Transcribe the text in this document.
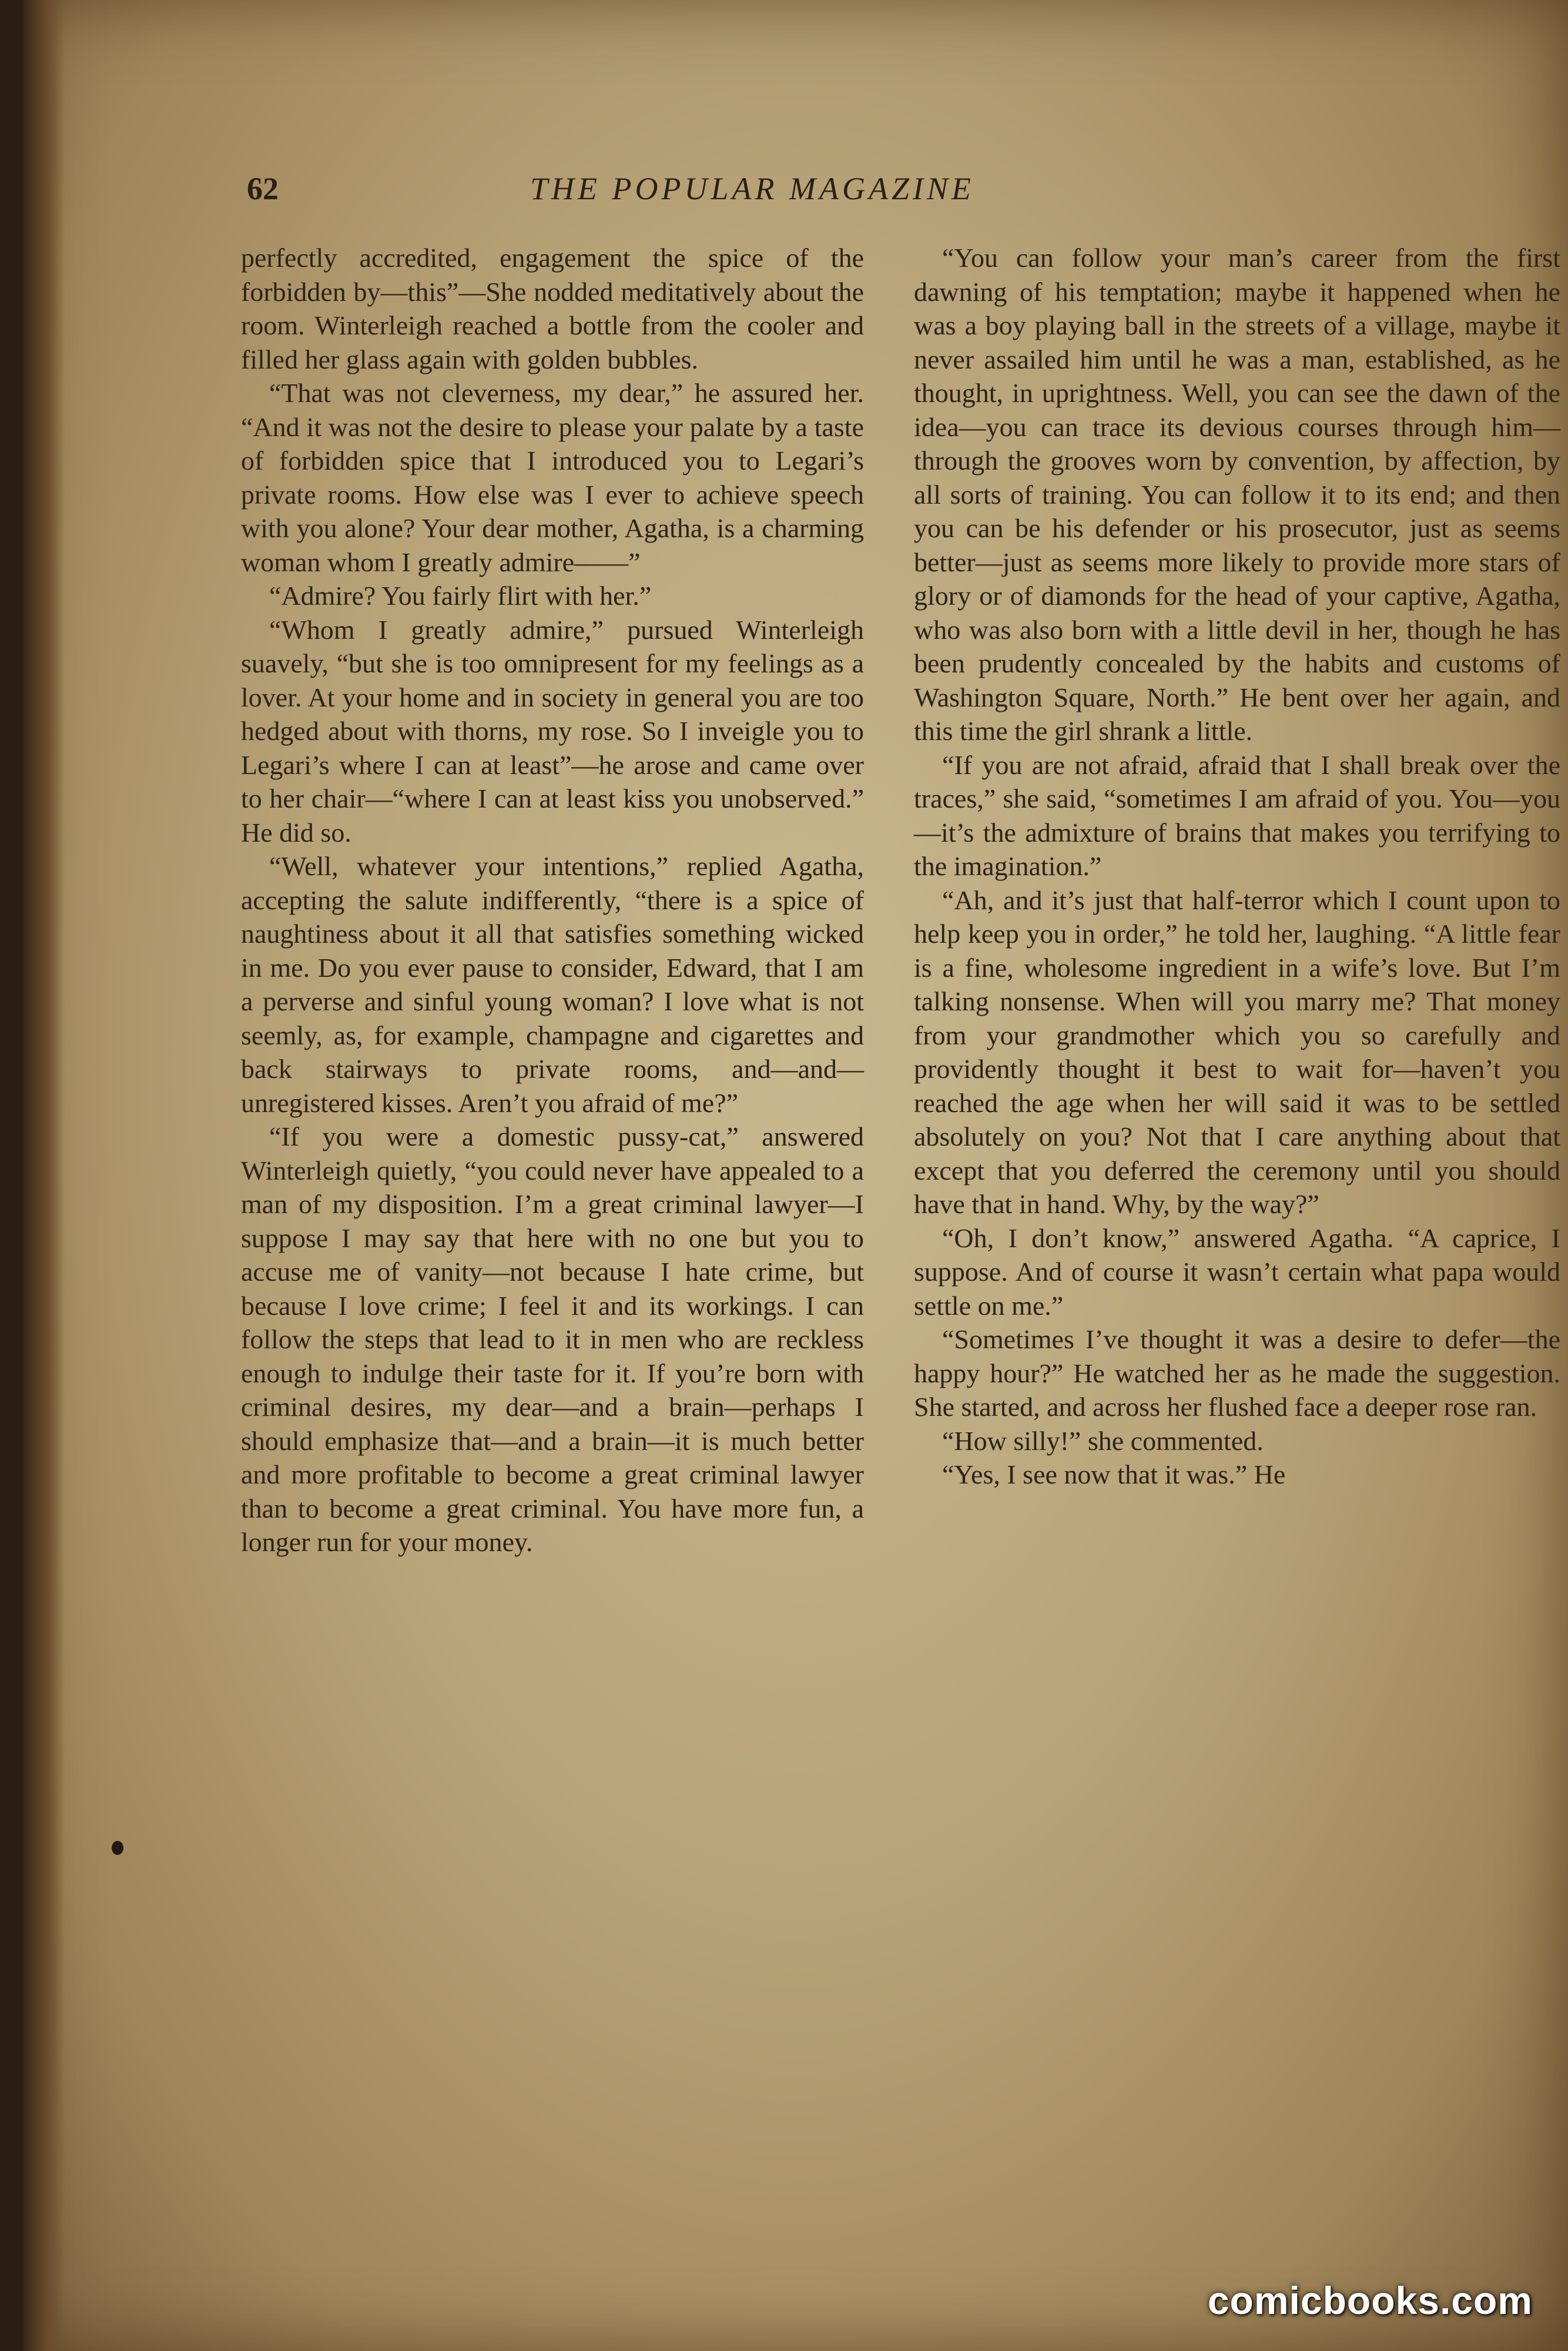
THE POPULAR MAGAZINE
62

perfectly accredited, engagement the spice of the forbidden by—this”—She nodded meditatively about the room. Winterleigh reached a bottle from the cooler and filled her glass again with golden bubbles.

“That was not cleverness, my dear,” he assured her. “And it was not the desire to please your palate by a taste of forbidden spice that I introduced you to Legari’s private rooms. How else was I ever to achieve speech with you alone? Your dear mother, Agatha, is a charming woman whom I greatly admire——”

“Admire? You fairly flirt with her.”

“Whom I greatly admire,” pursued Winterleigh suavely, “but she is too omnipresent for my feelings as a lover. At your home and in society in general you are too hedged about with thorns, my rose. So I inveigle you to Legari’s where I can at least”—he arose and came over to her chair—“where I can at least kiss you unobserved.” He did so.

“Well, whatever your intentions,” replied Agatha, accepting the salute indifferently, “there is a spice of naughtiness about it all that satisfies something wicked in me. Do you ever pause to consider, Edward, that I am a perverse and sinful young woman? I love what is not seemly, as, for example, champagne and cigarettes and back stairways to private rooms, and—and—unregistered kisses. Aren’t you afraid of me?”

“If you were a domestic pussy-cat,” answered Winterleigh quietly, “you could never have appealed to a man of my disposition. I’m a great criminal lawyer—I suppose I may say that here with no one but you to accuse me of vanity—not because I hate crime, but because I love crime; I feel it and its workings. I can follow the steps that lead to it in men who are reckless enough to indulge their taste for it. If you’re born with criminal desires, my dear—and a brain—perhaps I should emphasize that—and a brain—it is much better and more profitable to become a great criminal lawyer than to become a great criminal. You have more fun, a longer run for your money.

“You can follow your man’s career from the first dawning of his temptation; maybe it happened when he was a boy playing ball in the streets of a village, maybe it never assailed him until he was a man, established, as he thought, in uprightness. Well, you can see the dawn of the idea—you can trace its devious courses through him—through the grooves worn by convention, by affection, by all sorts of training. You can follow it to its end; and then you can be his defender or his prosecutor, just as seems better—just as seems more likely to provide more stars of glory or of diamonds for the head of your captive, Agatha, who was also born with a little devil in her, though he has been prudently concealed by the habits and customs of Washington Square, North.” He bent over her again, and this time the girl shrank a little.

“If you are not afraid, afraid that I shall break over the traces,” she said, “sometimes I am afraid of you. You—you—it’s the admixture of brains that makes you terrifying to the imagination.”

“Ah, and it’s just that half-terror which I count upon to help keep you in order,” he told her, laughing. “A little fear is a fine, wholesome ingredient in a wife’s love. But I’m talking nonsense. When will you marry me? That money from your grandmother which you so carefully and providently thought it best to wait for—haven’t you reached the age when her will said it was to be settled absolutely on you? Not that I care anything about that except that you deferred the ceremony until you should have that in hand. Why, by the way?”

“Oh, I don’t know,” answered Agatha. “A caprice, I suppose. And of course it wasn’t certain what papa would settle on me.”

“Sometimes I’ve thought it was a desire to defer—the happy hour?” He watched her as he made the suggestion. She started, and across her flushed face a deeper rose ran.

“How silly!” she commented.

“Yes, I see now that it was.” He

comicbooks.com
